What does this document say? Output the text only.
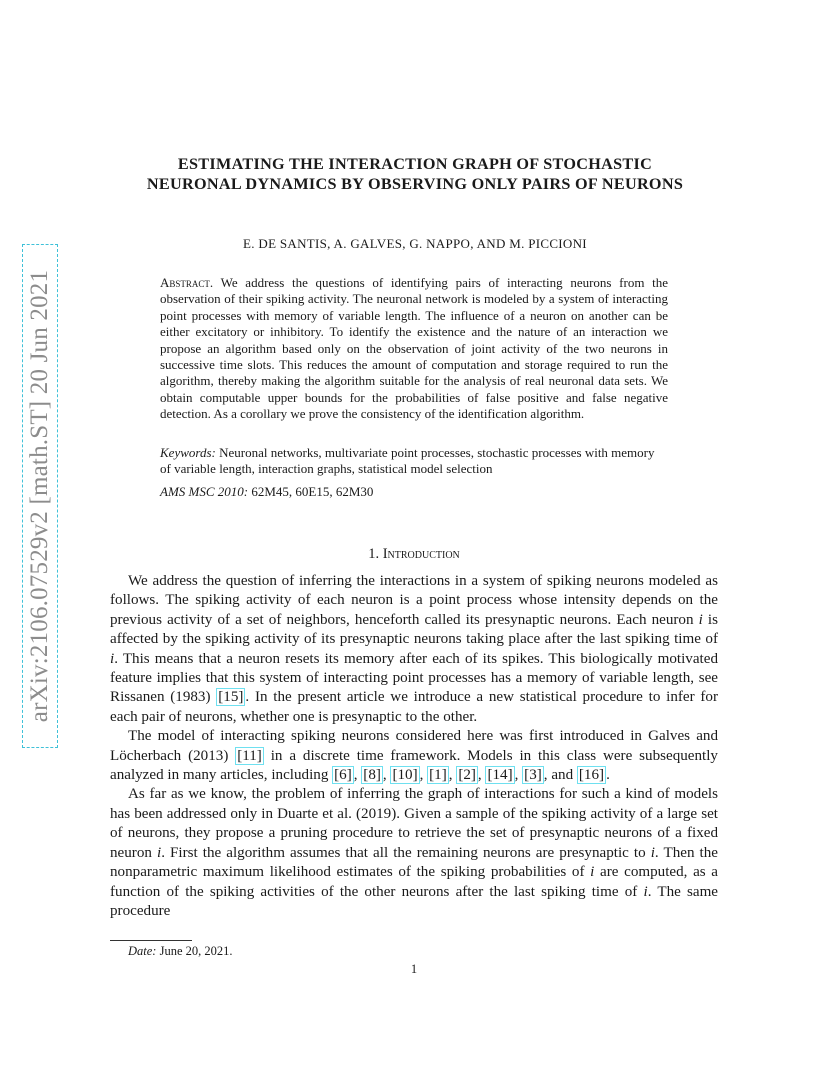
arXiv:2106.07529v2 [math.ST] 20 Jun 2021
ESTIMATING THE INTERACTION GRAPH OF STOCHASTIC NEURONAL DYNAMICS BY OBSERVING ONLY PAIRS OF NEURONS
E. DE SANTIS, A. GALVES, G. NAPPO, AND M. PICCIONI
Abstract. We address the questions of identifying pairs of interacting neurons from the observation of their spiking activity. The neuronal network is modeled by a system of interacting point processes with memory of variable length. The influence of a neuron on another can be either excitatory or inhibitory. To identify the existence and the nature of an interaction we propose an algorithm based only on the observation of joint activity of the two neurons in successive time slots. This reduces the amount of computation and storage required to run the algorithm, thereby making the algorithm suitable for the analysis of real neuronal data sets. We obtain computable upper bounds for the probabilities of false positive and false negative detection. As a corollary we prove the consistency of the identification algorithm.
Keywords: Neuronal networks, multivariate point processes, stochastic processes with memory of variable length, interaction graphs, statistical model selection
AMS MSC 2010: 62M45, 60E15, 62M30
1. Introduction

We address the question of inferring the interactions in a system of spiking neurons modeled as follows. The spiking activity of each neuron is a point process whose intensity depends on the previous activity of a set of neighbors, henceforth called its presynaptic neurons. Each neuron i is affected by the spiking activity of its presynaptic neurons taking place after the last spiking time of i. This means that a neuron resets its memory after each of its spikes. This biologically motivated feature implies that this system of interacting point processes has a memory of variable length, see Rissanen (1983) [15] . In the present article we introduce a new statistical procedure to infer for each pair of neurons, whether one is presynaptic to the other.

The model of interacting spiking neurons considered here was first introduced in Galves and Löcherbach (2013) [11] in a discrete time framework. Models in this class were subsequently analyzed in many articles, including [6] , [8] , [10] , [1] , [2] , [14] , [3] , and [16] .

As far as we know, the problem of inferring the graph of interactions for such a kind of models has been addressed only in Duarte et al. (2019). Given a sample of the spiking activity of a large set of neurons, they propose a pruning procedure to retrieve the set of presynaptic neurons of a fixed neuron i. First the algorithm assumes that all the remaining neurons are presynaptic to i. Then the nonparametric maximum likelihood estimates of the spiking probabilities of i are computed, as a function of the spiking activities of the other neurons after the last spiking time of i. The same procedure

Date: June 20, 2021.
1
